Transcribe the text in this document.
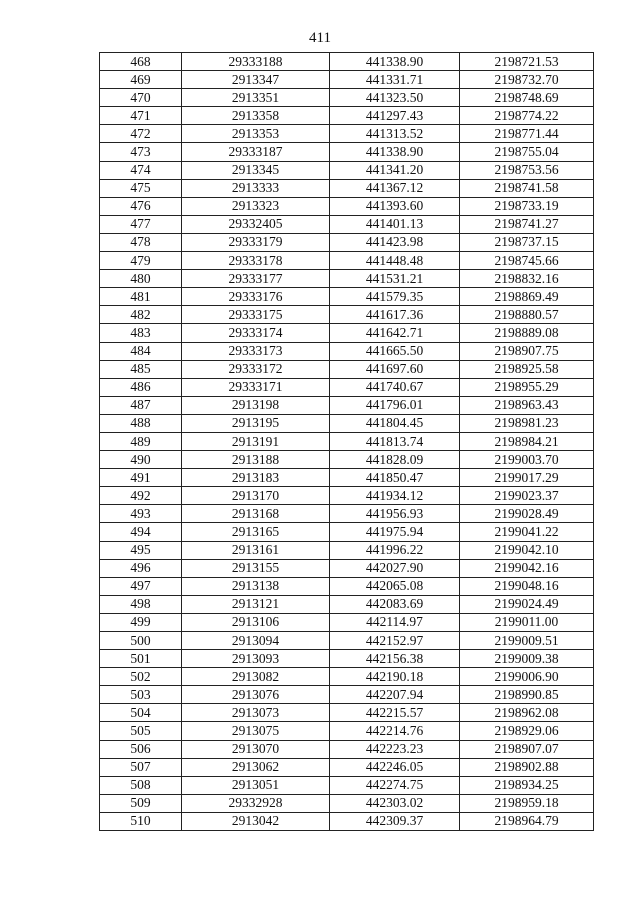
411
468	29333188	441338.90	2198721.53
469	2913347	441331.71	2198732.70
470	2913351	441323.50	2198748.69
471	2913358	441297.43	2198774.22
472	2913353	441313.52	2198771.44
473	29333187	441338.90	2198755.04
474	2913345	441341.20	2198753.56
475	2913333	441367.12	2198741.58
476	2913323	441393.60	2198733.19
477	29332405	441401.13	2198741.27
478	29333179	441423.98	2198737.15
479	29333178	441448.48	2198745.66
480	29333177	441531.21	2198832.16
481	29333176	441579.35	2198869.49
482	29333175	441617.36	2198880.57
483	29333174	441642.71	2198889.08
484	29333173	441665.50	2198907.75
485	29333172	441697.60	2198925.58
486	29333171	441740.67	2198955.29
487	2913198	441796.01	2198963.43
488	2913195	441804.45	2198981.23
489	2913191	441813.74	2198984.21
490	2913188	441828.09	2199003.70
491	2913183	441850.47	2199017.29
492	2913170	441934.12	2199023.37
493	2913168	441956.93	2199028.49
494	2913165	441975.94	2199041.22
495	2913161	441996.22	2199042.10
496	2913155	442027.90	2199042.16
497	2913138	442065.08	2199048.16
498	2913121	442083.69	2199024.49
499	2913106	442114.97	2199011.00
500	2913094	442152.97	2199009.51
501	2913093	442156.38	2199009.38
502	2913082	442190.18	2199006.90
503	2913076	442207.94	2198990.85
504	2913073	442215.57	2198962.08
505	2913075	442214.76	2198929.06
506	2913070	442223.23	2198907.07
507	2913062	442246.05	2198902.88
508	2913051	442274.75	2198934.25
509	29332928	442303.02	2198959.18
510	2913042	442309.37	2198964.79
